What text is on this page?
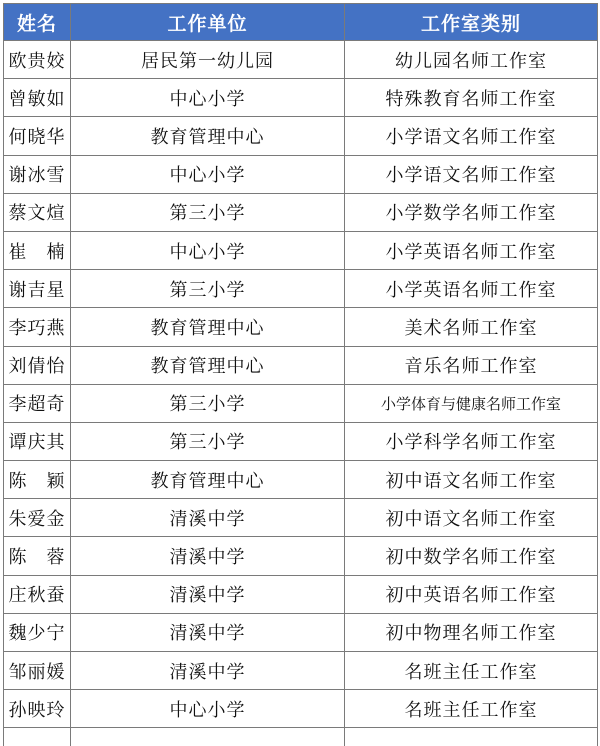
姓名	工作单位	工作室类别
欧贵姣	居民第一幼儿园	幼儿园名师工作室
曾敏如	中心小学	特殊教育名师工作室
何晓华	教育管理中心	小学语文名师工作室
谢冰雪	中心小学	小学语文名师工作室
蔡文煊	第三小学	小学数学名师工作室
崔　楠	中心小学	小学英语名师工作室
谢吉星	第三小学	小学英语名师工作室
李巧燕	教育管理中心	美术名师工作室
刘倩怡	教育管理中心	音乐名师工作室
李超奇	第三小学	小学体育与健康名师工作室
谭庆其	第三小学	小学科学名师工作室
陈　颖	教育管理中心	初中语文名师工作室
朱爱金	清溪中学	初中语文名师工作室
陈　蓉	清溪中学	初中数学名师工作室
庄秋蚕	清溪中学	初中英语名师工作室
魏少宁	清溪中学	初中物理名师工作室
邹丽媛	清溪中学	名班主任工作室
孙映玲	中心小学	名班主任工作室
